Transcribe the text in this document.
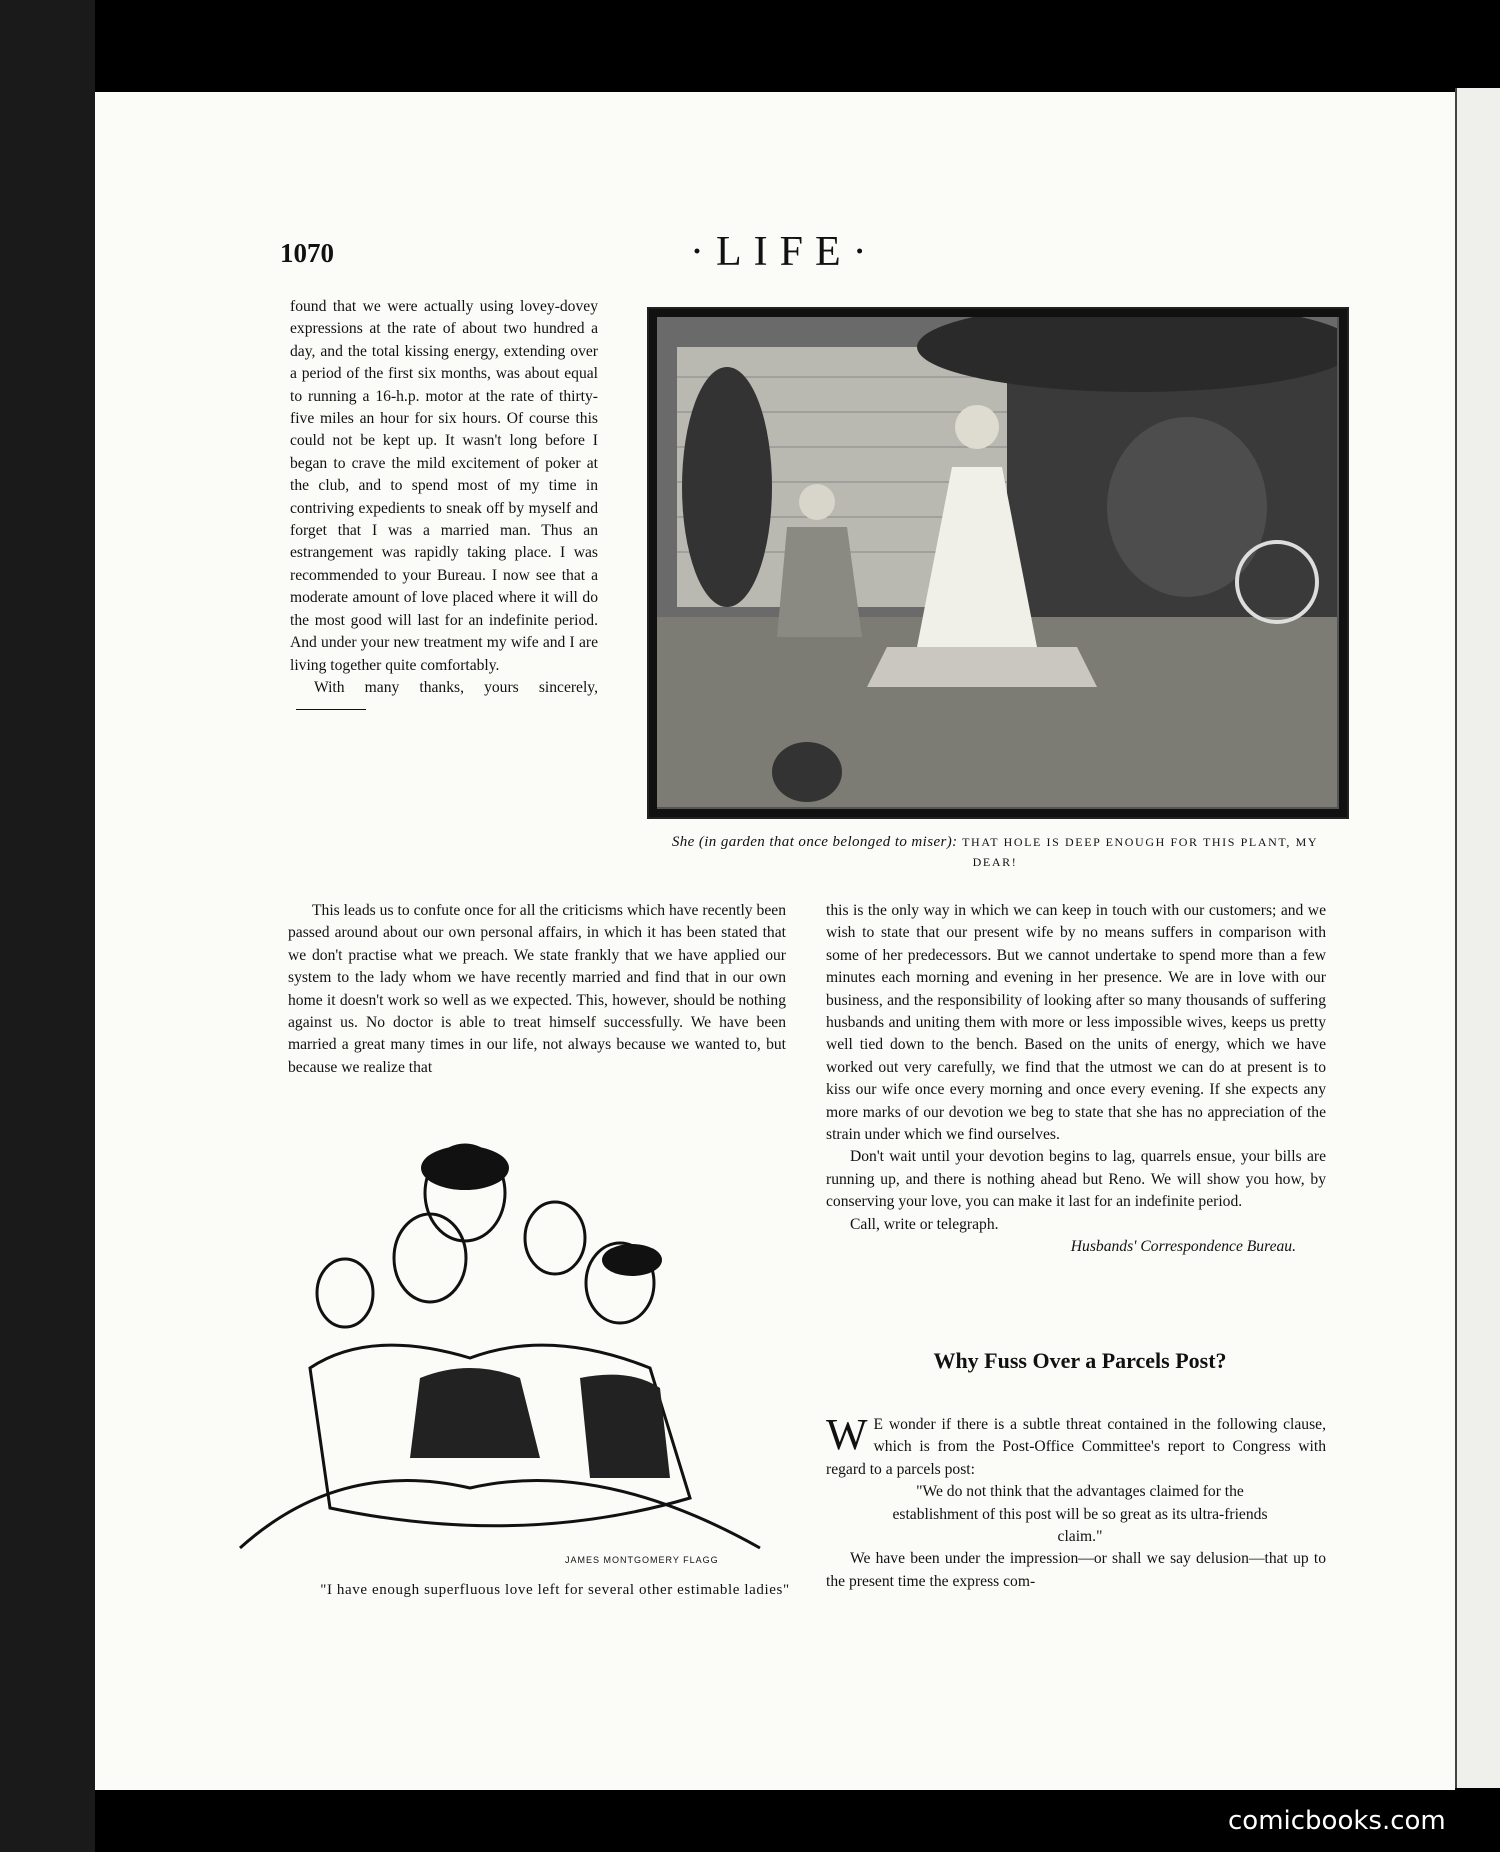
1070	·LIFE·

found that we were actually using lovey-dovey expressions at the rate of about two hundred a day, and the total kissing energy, extending over a period of the first six months, was about equal to running a 16-h.p. motor at the rate of thirty-five miles an hour for six hours. Of course this could not be kept up. It wasn't long before I began to crave the mild excitement of poker at the club, and to spend most of my time in contriving expedients to sneak off by myself and forget that I was a married man. Thus an estrangement was rapidly taking place. I was recommended to your Bureau. I now see that a moderate amount of love placed where it will do the most good will last for an indefinite period. And under your new treatment my wife and I are living together quite comfortably.

With many thanks, yours sincerely,

She (in garden that once belonged to miser): THAT HOLE IS DEEP ENOUGH FOR THIS PLANT, MY DEAR!

This leads us to confute once for all the criticisms which have recently been passed around about our own personal affairs, in which it has been stated that we don't practise what we preach. We state frankly that we have applied our system to the lady whom we have recently married and find that in our own home it doesn't work so well as we expected. This, however, should be nothing against us. No doctor is able to treat himself successfully. We have been married a great many times in our life, not always because we wanted to, but because we realize that

JAMES MONTGOMERY FLAGG
"I have enough superfluous love left for several other estimable ladies"

this is the only way in which we can keep in touch with our customers; and we wish to state that our present wife by no means suffers in comparison with some of her predecessors. But we cannot undertake to spend more than a few minutes each morning and evening in her presence. We are in love with our business, and the responsibility of looking after so many thousands of suffering husbands and uniting them with more or less impossible wives, keeps us pretty well tied down to the bench. Based on the units of energy, which we have worked out very carefully, we find that the utmost we can do at present is to kiss our wife once every morning and once every evening. If she expects any more marks of our devotion we beg to state that she has no appreciation of the strain under which we find ourselves.

Don't wait until your devotion begins to lag, quarrels ensue, your bills are running up, and there is nothing ahead but Reno. We will show you how, by conserving your love, you can make it last for an indefinite period.

Call, write or telegraph.

Husbands' Correspondence Bureau.

Why Fuss Over a Parcels Post?

W E wonder if there is a subtle threat contained in the following clause, which is from the Post-Office Committee's report to Congress with regard to a parcels post:

"We do not think that the advantages claimed for the establishment of this post will be so great as its ultra-friends claim."

We have been under the impression—or shall we say delusion—that up to the present time the express com-

comicbooks.com
